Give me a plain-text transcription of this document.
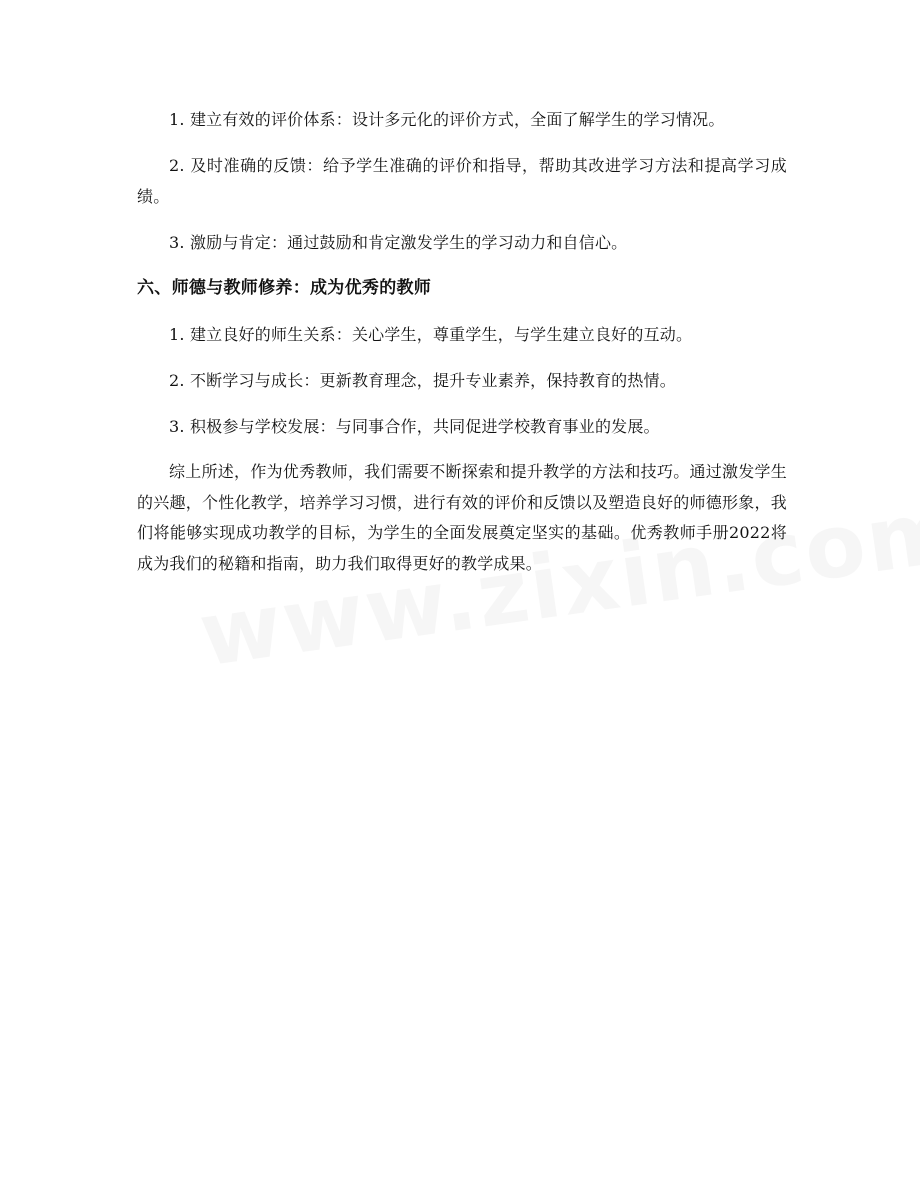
1. 建立有效的评价体系：设计多元化的评价方式，全面了解学生的学习情况。

2. 及时准确的反馈：给予学生准确的评价和指导，帮助其改进学习方法和提高学习成绩。

3. 激励与肯定：通过鼓励和肯定激发学生的学习动力和自信心。

六、师德与教师修养：成为优秀的教师

1. 建立良好的师生关系：关心学生，尊重学生，与学生建立良好的互动。

2. 不断学习与成长：更新教育理念，提升专业素养，保持教育的热情。

3. 积极参与学校发展：与同事合作，共同促进学校教育事业的发展。

综上所述，作为优秀教师，我们需要不断探索和提升教学的方法和技巧。通过激发学生的兴趣，个性化教学，培养学习习惯，进行有效的评价和反馈以及塑造良好的师德形象，我们将能够实现成功教学的目标，为学生的全面发展奠定坚实的基础。优秀教师手册2022将成为我们的秘籍和指南，助力我们取得更好的教学成果。
